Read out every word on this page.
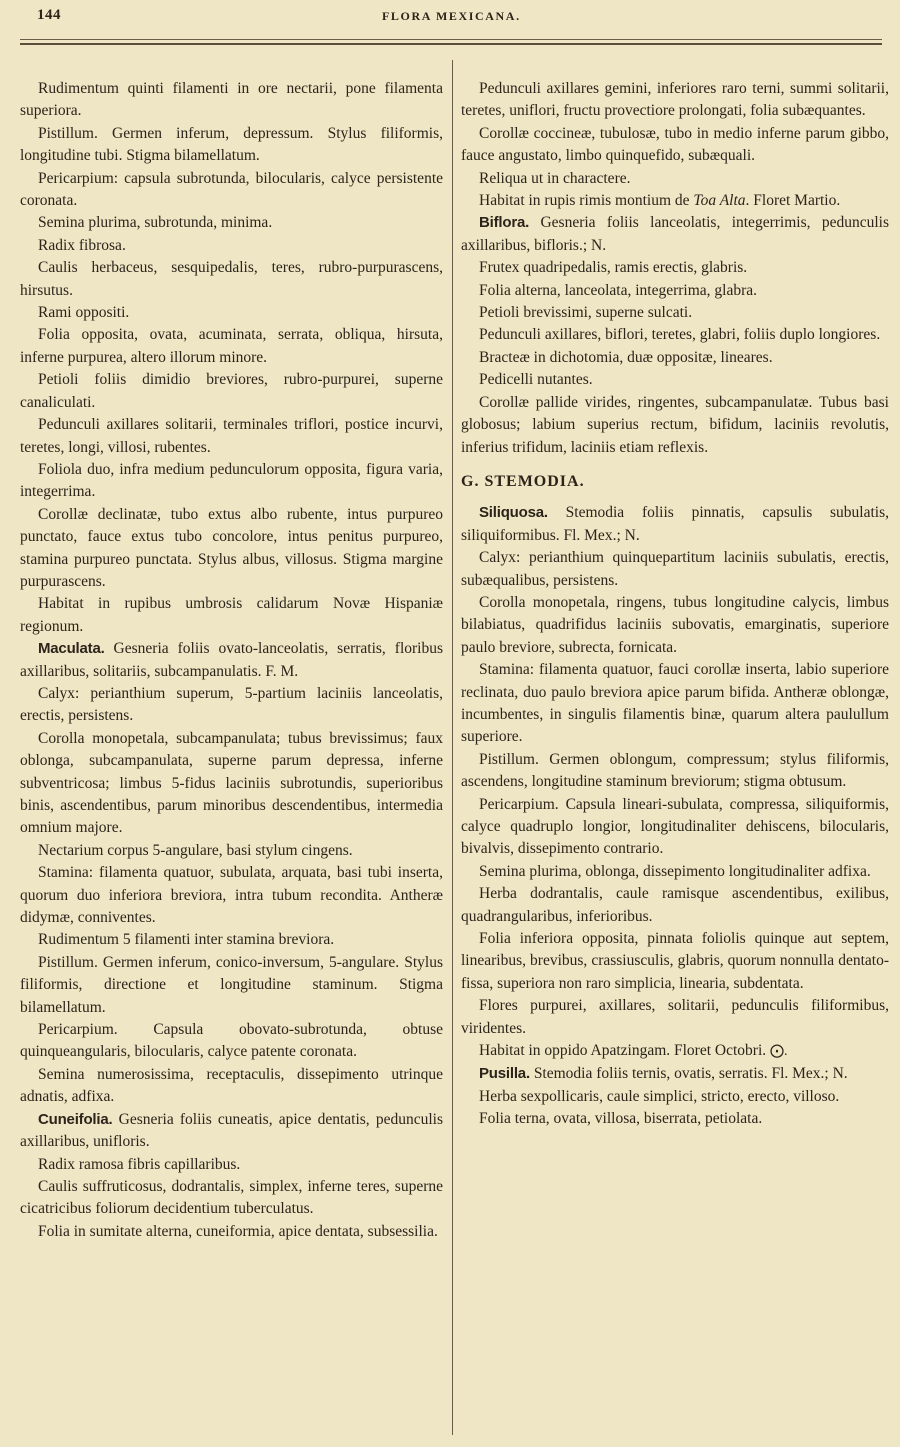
144	FLORA MEXICANA.

Rudimentum quinti filamenti in ore nectarii, pone filamenta superiora.

Pistillum. Germen inferum, depressum. Stylus filiformis, longitudine tubi. Stigma bilamellatum.

Pericarpium: capsula subrotunda, bilocularis, calyce persistente coronata.

Semina plurima, subrotunda, minima.

Radix fibrosa.

Caulis herbaceus, sesquipedalis, teres, rubro-purpurascens, hirsutus.

Rami oppositi.

Folia opposita, ovata, acuminata, serrata, obliqua, hirsuta, inferne purpurea, altero illorum minore.

Petioli foliis dimidio breviores, rubro-purpurei, superne canaliculati.

Pedunculi axillares solitarii, terminales triflori, postice incurvi, teretes, longi, villosi, rubentes.

Foliola duo, infra medium pedunculorum opposita, figura varia, integerrima.

Corollæ declinatæ, tubo extus albo rubente, intus purpureo punctato, fauce extus tubo concolore, intus penitus purpureo, stamina purpureo punctata. Stylus albus, villosus. Stigma margine purpurascens.

Habitat in rupibus umbrosis calidarum Novæ Hispaniæ regionum.

Maculata. Gesneria foliis ovato-lanceolatis, serratis, floribus axillaribus, solitariis, subcampanulatis. F. M.

Calyx: perianthium superum, 5-partium laciniis lanceolatis, erectis, persistens.

Corolla monopetala, subcampanulata; tubus brevissimus; faux oblonga, subcampanulata, superne parum depressa, inferne subventricosa; limbus 5-fidus laciniis subrotundis, superioribus binis, ascendentibus, parum minoribus descendentibus, intermedia omnium majore.

Nectarium corpus 5-angulare, basi stylum cingens.

Stamina: filamenta quatuor, subulata, arquata, basi tubi inserta, quorum duo inferiora breviora, intra tubum recondita. Antheræ didymæ, conniventes.

Rudimentum 5 filamenti inter stamina breviora.

Pistillum. Germen inferum, conico-inversum, 5-angulare. Stylus filiformis, directione et longitudine staminum. Stigma bilamellatum.

Pericarpium. Capsula obovato-subrotunda, obtuse quinqueangularis, bilocularis, calyce patente coronata.

Semina numerosissima, receptaculis, dissepimento utrinque adnatis, adfixa.

Cuneifolia. Gesneria foliis cuneatis, apice dentatis, pedunculis axillaribus, unifloris.

Radix ramosa fibris capillaribus.

Caulis suffruticosus, dodrantalis, simplex, inferne teres, superne cicatricibus foliorum decidentium tuberculatus.

Folia in sumitate alterna, cuneiformia, apice dentata, subsessilia.

Pedunculi axillares gemini, inferiores raro terni, summi solitarii, teretes, uniflori, fructu provectiore prolongati, folia subæquantes.

Corollæ coccineæ, tubulosæ, tubo in medio inferne parum gibbo, fauce angustato, limbo quinquefido, subæquali.

Reliqua ut in charactere.

Habitat in rupis rimis montium de Toa Alta. Floret Martio.

Biflora. Gesneria foliis lanceolatis, integerrimis, pedunculis axillaribus, bifloris.; N.

Frutex quadripedalis, ramis erectis, glabris.

Folia alterna, lanceolata, integerrima, glabra.

Petioli brevissimi, superne sulcati.

Pedunculi axillares, biflori, teretes, glabri, foliis duplo longiores.

Bracteæ in dichotomia, duæ oppositæ, lineares.

Pedicelli nutantes.

Corollæ pallide virides, ringentes, subcampanulatæ. Tubus basi globosus; labium superius rectum, bifidum, laciniis revolutis, inferius trifidum, laciniis etiam reflexis.

G. STEMODIA.

Siliquosa. Stemodia foliis pinnatis, capsulis subulatis, siliquiformibus. Fl. Mex.; N.

Calyx: perianthium quinquepartitum laciniis subulatis, erectis, subæqualibus, persistens.

Corolla monopetala, ringens, tubus longitudine calycis, limbus bilabiatus, quadrifidus laciniis subovatis, emarginatis, superiore paulo breviore, subrecta, fornicata.

Stamina: filamenta quatuor, fauci corollæ inserta, labio superiore reclinata, duo paulo breviora apice parum bifida. Antheræ oblongæ, incumbentes, in singulis filamentis binæ, quarum altera paulullum superiore.

Pistillum. Germen oblongum, compressum; stylus filiformis, ascendens, longitudine staminum breviorum; stigma obtusum.

Pericarpium. Capsula lineari-subulata, compressa, siliquiformis, calyce quadruplo longior, longitudinaliter dehiscens, bilocularis, bivalvis, dissepimento contrario.

Semina plurima, oblonga, dissepimento longitudinaliter adfixa.

Herba dodrantalis, caule ramisque ascendentibus, exilibus, quadrangularibus, inferioribus.

Folia inferiora opposita, pinnata foliolis quinque aut septem, linearibus, brevibus, crassiusculis, glabris, quorum nonnulla dentato-fissa, superiora non raro simplicia, linearia, subdentata.

Flores purpurei, axillares, solitarii, pedunculis filiformibus, viridentes.

Habitat in oppido Apatzingam. Floret Octobri. ⨀.

Pusilla. Stemodia foliis ternis, ovatis, serratis. Fl. Mex.; N.

Herba sexpollicaris, caule simplici, stricto, erecto, villoso.

Folia terna, ovata, villosa, biserrata, petiolata.
